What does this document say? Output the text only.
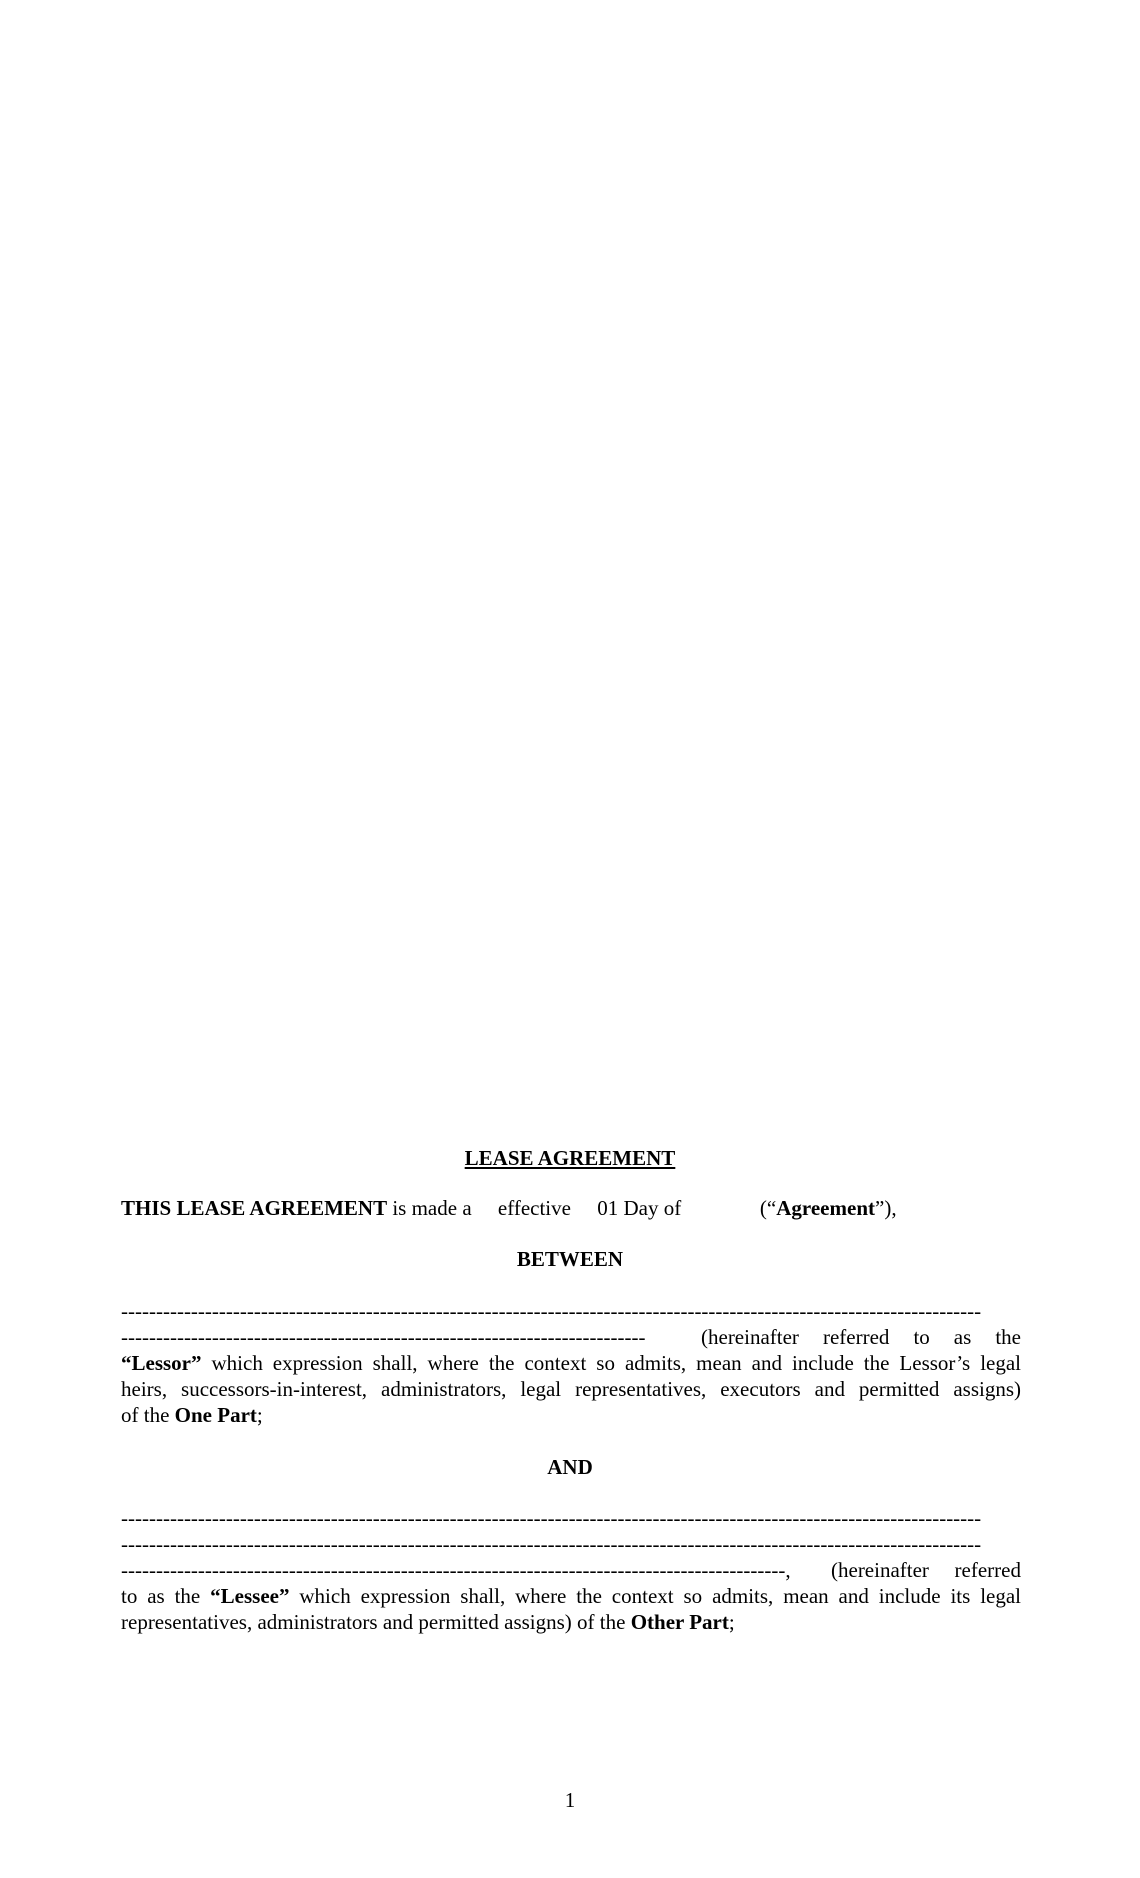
LEASE AGREEMENT
THIS LEASE AGREEMENT is made a     effective     01 Day of               (“Agreement”),
BETWEEN
---------------------------------------------------------------------------------------------------------------------------
---------------------------------------------------------------------------	(hereinafter referred to as the
“Lessor” which expression shall, where the context so admits, mean and include the Lessor’s legal
heirs, successors-in-interest, administrators, legal representatives, executors and permitted assigns)
of the One Part;
AND
---------------------------------------------------------------------------------------------------------------------------
---------------------------------------------------------------------------------------------------------------------------
-----------------------------------------------------------------------------------------------,	(hereinafter referred
to as the “Lessee” which expression shall, where the context so admits, mean and include its legal
representatives, administrators and permitted assigns) of the Other Part;
1
